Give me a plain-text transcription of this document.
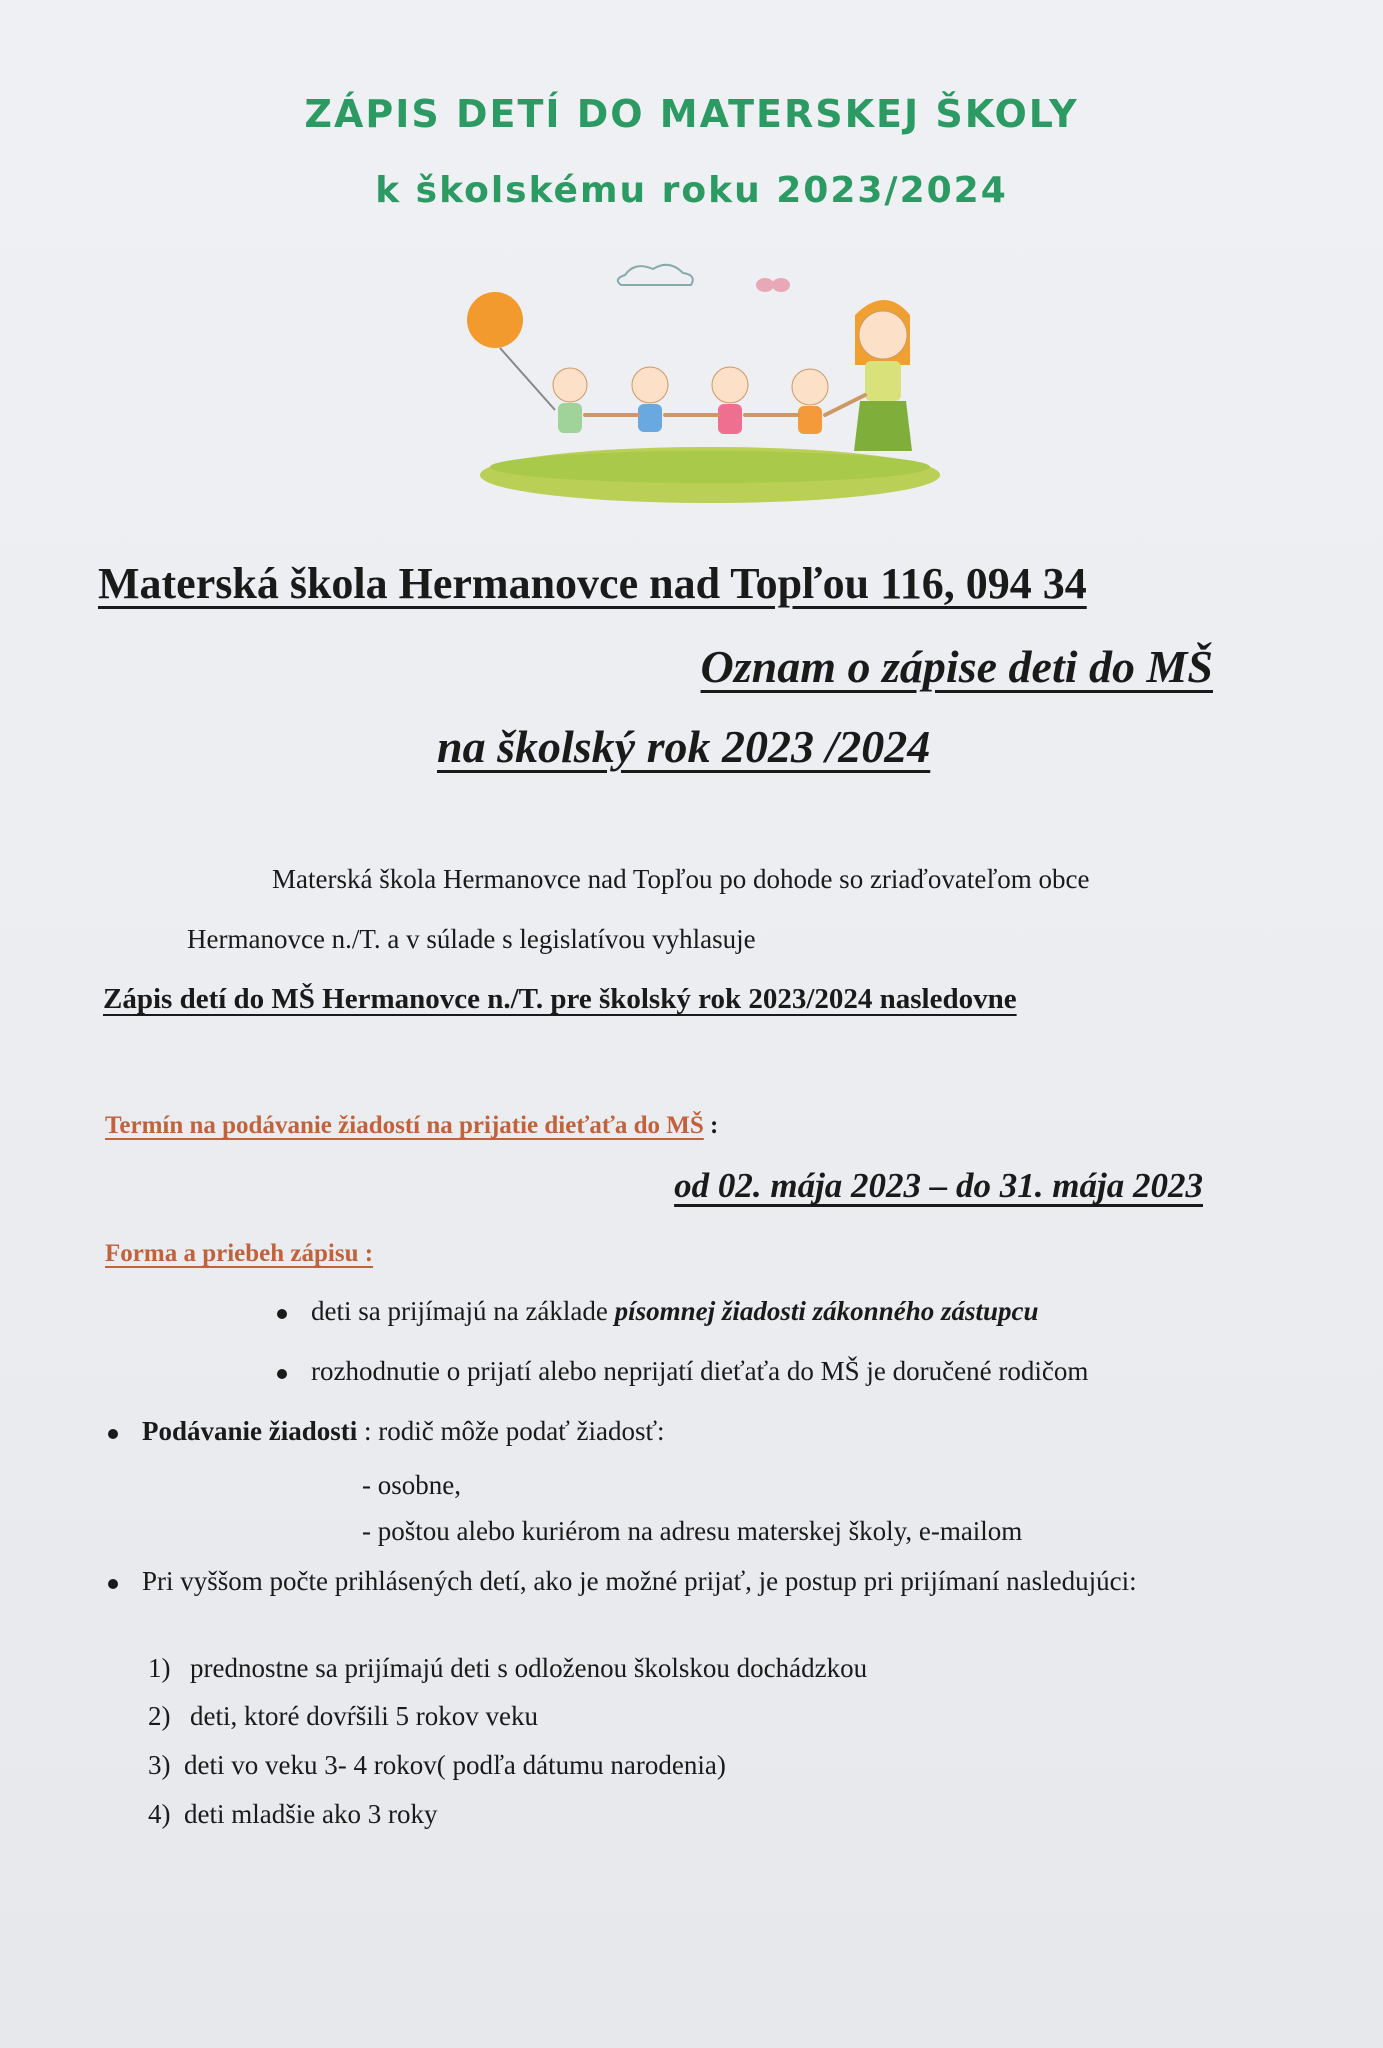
ZÁPIS DETÍ DO MATERSKEJ ŠKOLY
k školskému roku 2023/2024
Materská škola Hermanovce nad Topľou 116, 094 34
Oznam o zápise deti do MŠ
na školský rok 2023 /2024
Materská škola Hermanovce nad Topľou po dohode so zriaďovateľom obce
Hermanovce n./T. a v súlade s legislatívou vyhlasuje
Zápis detí do MŠ Hermanovce n./T. pre školský rok 2023/2024 nasledovne
Termín na podávanie žiadostí na prijatie dieťaťa do MŠ :
od 02. mája 2023 – do 31. mája 2023
Forma a priebeh zápisu :
deti sa prijímajú na základe písomnej žiadosti zákonného zástupcu
rozhodnutie o prijatí alebo neprijatí dieťaťa do MŠ je doručené rodičom
Podávanie žiadosti : rodič môže podať žiadosť:
- osobne,
- poštou alebo kuriérom na adresu materskej školy, e-mailom
Pri vyššom počte prihlásených detí, ako je možné prijať, je postup pri prijímaní nasledujúci:
1) prednostne sa prijímajú deti s odloženou školskou dochádzkou
2) deti, ktoré dovŕšili 5 rokov veku
3) deti vo veku 3- 4 rokov( podľa dátumu narodenia)
4) deti mladšie ako 3 roky
